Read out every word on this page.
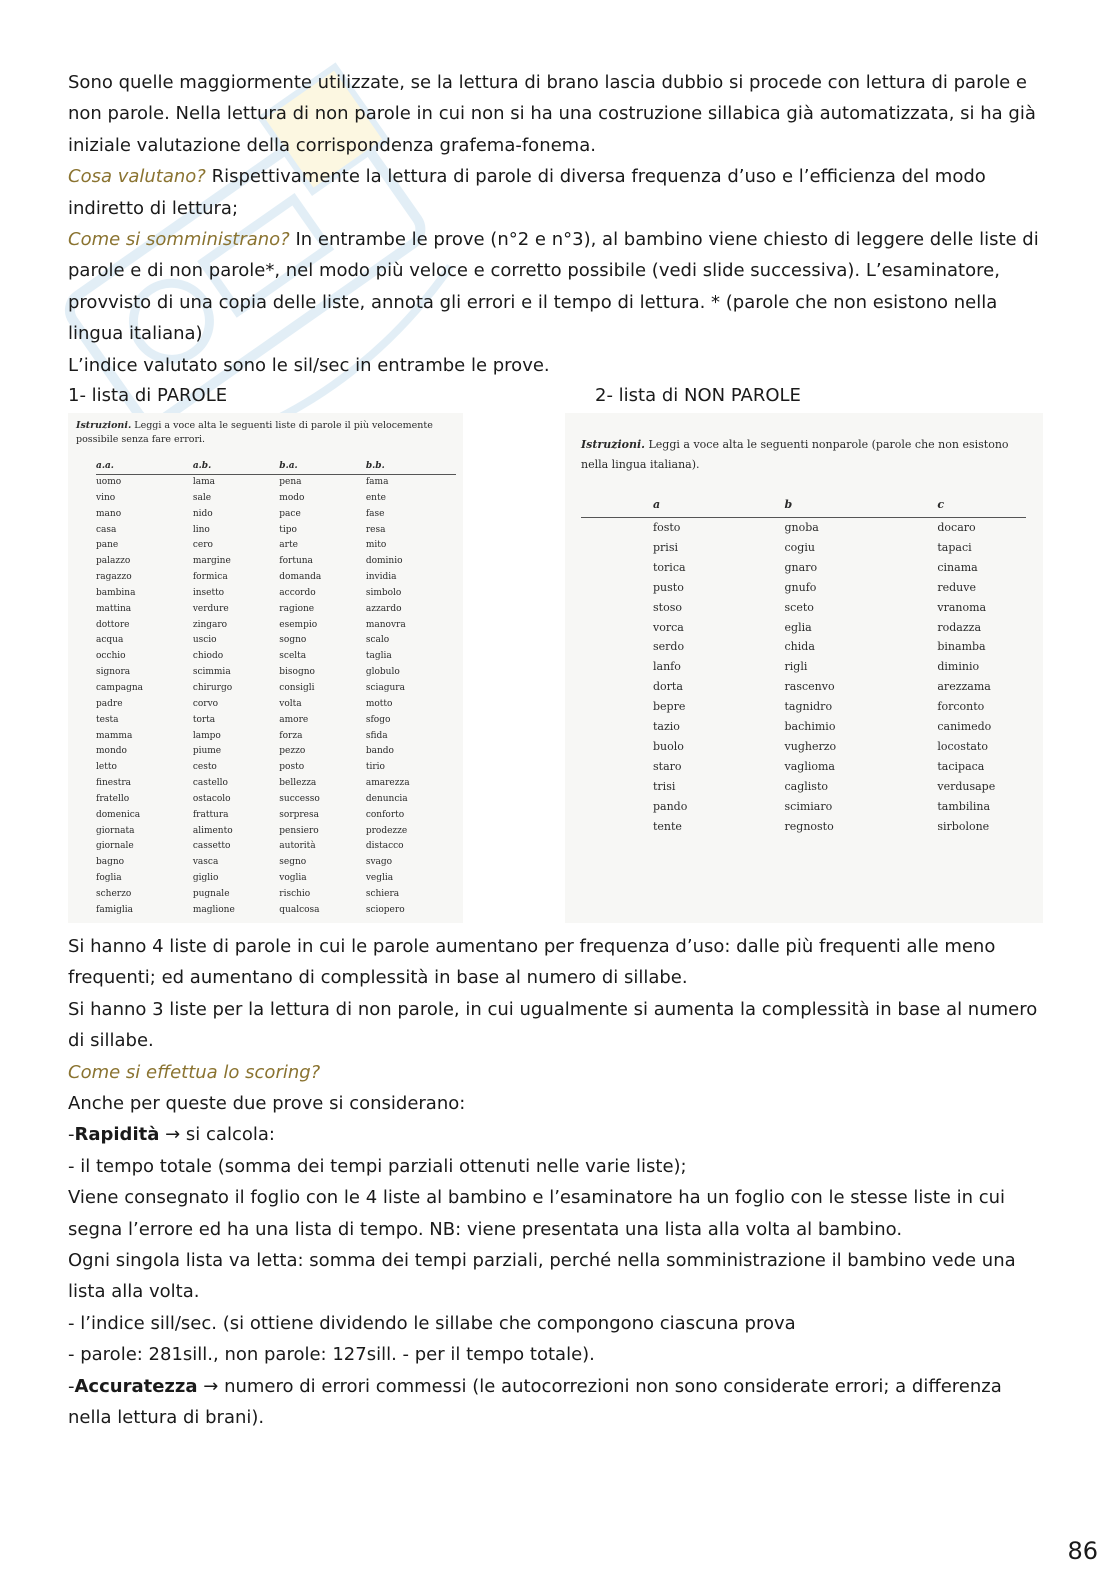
Sono quelle maggiormente utilizzate, se la lettura di brano lascia dubbio si procede con lettura di parole e

non parole. Nella lettura di non parole in cui non si ha una costruzione sillabica già automatizzata, si ha già

iniziale valutazione della corrispondenza grafema-fonema.

Cosa valutano? Rispettivamente la lettura di parole di diversa frequenza d’uso e l’efficienza del modo indiretto di lettura;

Come si somministrano? In entrambe le prove (n°2 e n°3), al bambino viene chiesto di leggere delle liste di parole e di non parole*, nel modo più veloce e corretto possibile (vedi slide successiva). L’esaminatore, provvisto di una copia delle liste, annota gli errori e il tempo di lettura. * (parole che non esistono nella lingua italiana)

L’indice valutato sono le sil/sec in entrambe le prove.

1- lista di PAROLE	2- lista di NON PAROLE
Istruzioni. Leggi a voce alta le seguenti liste di parole il più velocemente possibile senza fare errori.
a.a.	a.b.	b.a.	b.b.
uomo	lama	pena	fama
vino	sale	modo	ente
mano	nido	pace	fase
casa	lino	tipo	resa
pane	cero	arte	mito
palazzo	margine	fortuna	dominio
ragazzo	formica	domanda	invidia
bambina	insetto	accordo	simbolo
mattina	verdure	ragione	azzardo
dottore	zingaro	esempio	manovra
acqua	uscio	sogno	scalo
occhio	chiodo	scelta	taglia
signora	scimmia	bisogno	globulo
campagna	chirurgo	consigli	sciagura
padre	corvo	volta	motto
testa	torta	amore	sfogo
mamma	lampo	forza	sfida
mondo	piume	pezzo	bando
letto	cesto	posto	tirio
finestra	castello	bellezza	amarezza
fratello	ostacolo	successo	denuncia
domenica	frattura	sorpresa	conforto
giornata	alimento	pensiero	prodezze
giornale	cassetto	autorità	distacco
bagno	vasca	segno	svago
foglia	giglio	voglia	veglia
scherzo	pugnale	rischio	schiera
famiglia	maglione	qualcosa	sciopero
Istruzioni. Leggi a voce alta le seguenti nonparole (parole che non esistono nella lingua italiana).
a	b	c
fosto	gnoba	docaro
prisi	cogiu	tapaci
torica	gnaro	cinama
pusto	gnufo	reduve
stoso	sceto	vranoma
vorca	eglia	rodazza
serdo	chida	binamba
lanfo	rigli	diminio
dorta	rascenvo	arezzama
bepre	tagnidro	forconto
tazio	bachimio	canimedo
buolo	vugherzo	locostato
staro	vaglioma	tacipaca
trisi	caglisto	verdusape
pando	scimiaro	tambilina
tente	regnosto	sirbolone

Si hanno 4 liste di parole in cui le parole aumentano per frequenza d’uso: dalle più frequenti alle meno

frequenti; ed aumentano di complessità in base al numero di sillabe.

Si hanno 3 liste per la lettura di non parole, in cui ugualmente si aumenta la complessità in base al numero

di sillabe.

Come si effettua lo scoring?

Anche per queste due prove si considerano:

-Rapidità → si calcola:

- il tempo totale (somma dei tempi parziali ottenuti nelle varie liste);

Viene consegnato il foglio con le 4 liste al bambino e l’esaminatore ha un foglio con le stesse liste in cui

segna l’errore ed ha una lista di tempo. NB: viene presentata una lista alla volta al bambino.

Ogni singola lista va letta: somma dei tempi parziali, perché nella somministrazione il bambino vede una

lista alla volta.

- l’indice sill/sec. (si ottiene dividendo le sillabe che compongono ciascuna prova

- parole: 281sill., non parole: 127sill. - per il tempo totale).

-Accuratezza → numero di errori commessi (le autocorrezioni non sono considerate errori; a differenza

nella lettura di brani).

86
